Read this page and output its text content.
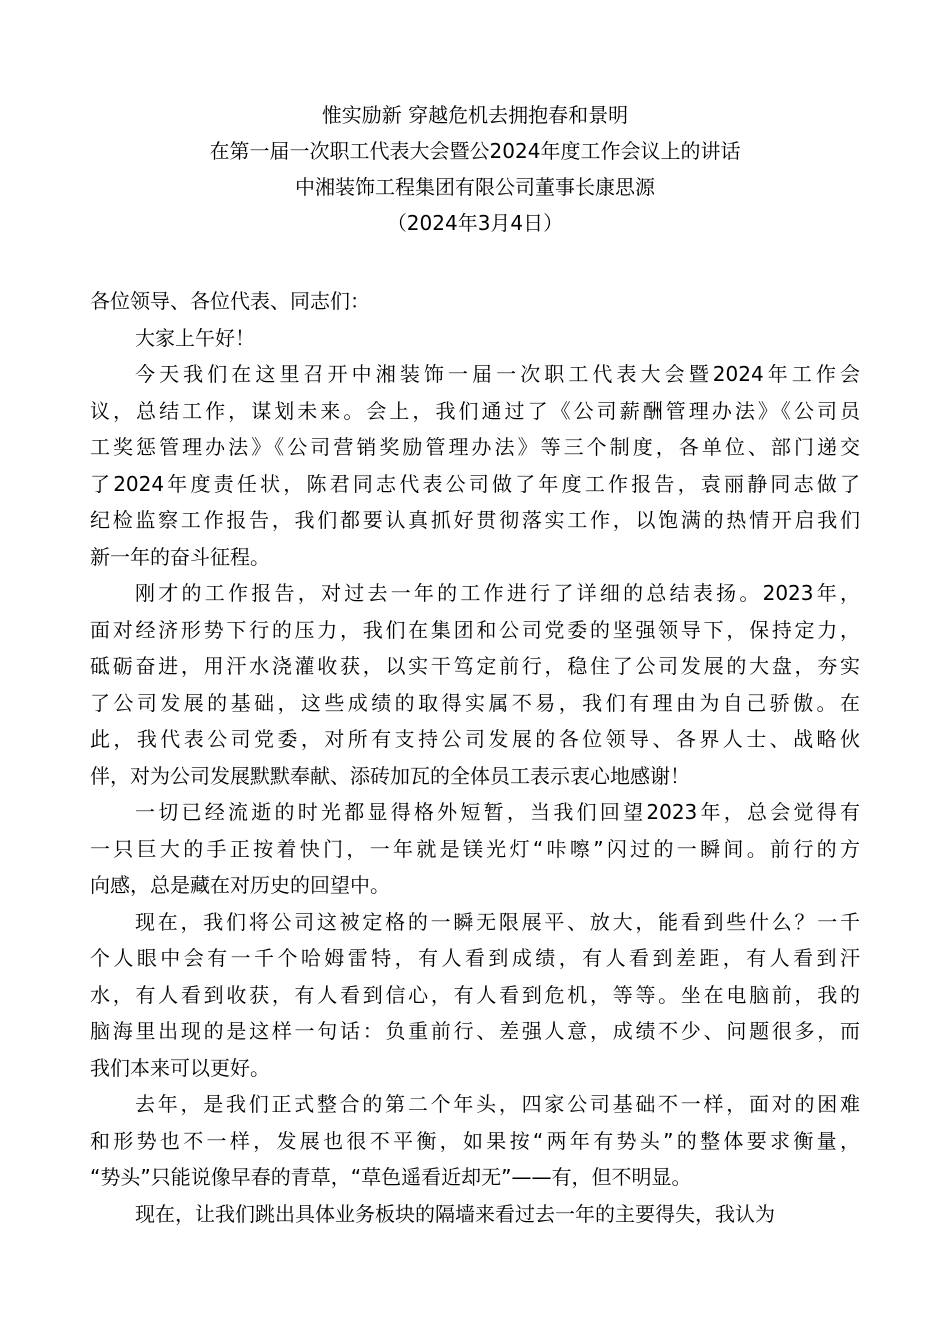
惟实励新 穿越危机去拥抱春和景明
在第一届一次职工代表大会暨公2024年度工作会议上的讲话
中湘装饰工程集团有限公司董事长康思源
（2024年3月4日）
各位领导、各位代表、同志们：

大家上午好！

今天我们在这里召开中湘装饰一届一次职工代表大会暨2024年工作会
议，总结工作，谋划未来。会上，我们通过了《公司薪酬管理办法》《公司员
工奖惩管理办法》《公司营销奖励管理办法》等三个制度，各单位、部门递交
了2024年度责任状，陈君同志代表公司做了年度工作报告，袁丽静同志做了
纪检监察工作报告，我们都要认真抓好贯彻落实工作，以饱满的热情开启我们
新一年的奋斗征程。

刚才的工作报告，对过去一年的工作进行了详细的总结表扬。2023年，
面对经济形势下行的压力，我们在集团和公司党委的坚强领导下，保持定力，
砥砺奋进，用汗水浇灌收获，以实干笃定前行，稳住了公司发展的大盘，夯实
了公司发展的基础，这些成绩的取得实属不易，我们有理由为自己骄傲。在
此，我代表公司党委，对所有支持公司发展的各位领导、各界人士、战略伙
伴，对为公司发展默默奉献、添砖加瓦的全体员工表示衷心地感谢！

一切已经流逝的时光都显得格外短暂，当我们回望2023年，总会觉得有
一只巨大的手正按着快门，一年就是镁光灯“咔嚓”闪过的一瞬间。前行的方
向感，总是藏在对历史的回望中。

现在，我们将公司这被定格的一瞬无限展平、放大，能看到些什么？一千
个人眼中会有一千个哈姆雷特，有人看到成绩，有人看到差距，有人看到汗
水，有人看到收获，有人看到信心，有人看到危机，等等。坐在电脑前，我的
脑海里出现的是这样一句话：负重前行、差强人意，成绩不少、问题很多，而
我们本来可以更好。

去年，是我们正式整合的第二个年头，四家公司基础不一样，面对的困难
和形势也不一样，发展也很不平衡，如果按“两年有势头”的整体要求衡量，
“势头”只能说像早春的青草，“草色遥看近却无”——有，但不明显。

现在，让我们跳出具体业务板块的隔墙来看过去一年的主要得失，我认为
